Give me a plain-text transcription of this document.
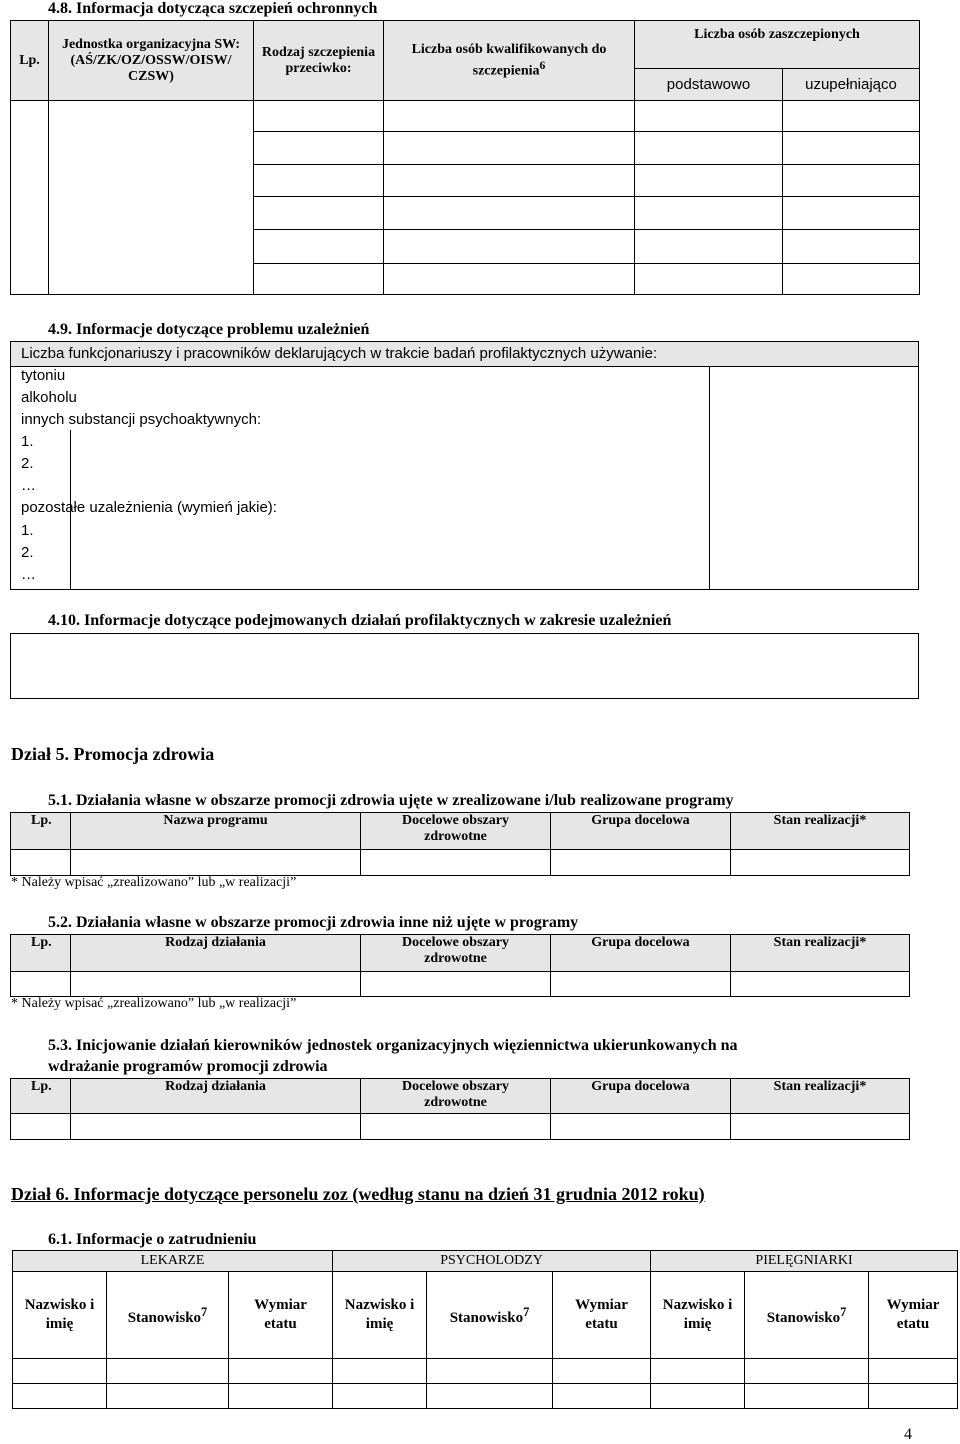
4.8. Informacja dotycząca szczepień ochronnych
Lp.	Jednostka organizacyjna SW: (AŚ/ZK/OZ/OSSW/OISW/ CZSW)	Rodzaj szczepienia przeciwko:	Liczba osób kwalifikowanych do szczepienia$^6$	Liczba osób zaszczepionych	
				podstawowo	uzupełniająco

4.9. Informacje dotyczące problemu uzależnień
Liczba funkcjonariuszy i pracowników deklarujących w trakcie badań profilaktycznych używanie:
tytoniu
alkoholu
innych substancji psychoaktywnych:
1.
2.
…
pozostałe uzależnienia (wymień jakie):
1.
2.
…
4.10. Informacje dotyczące podejmowanych działań profilaktycznych w zakresie uzależnień
Dział 5. Promocja zdrowia
5.1. Działania własne w obszarze promocji zdrowia ujęte w zrealizowane i/lub realizowane programy
Lp.	Nazwa programu	Docelowe obszary zdrowotne	Grupa docelowa	Stan realizacji*

* Należy wpisać „zrealizowano” lub „w realizacji”
5.2. Działania własne w obszarze promocji zdrowia inne niż ujęte w programy
Lp.	Rodzaj działania	Docelowe obszary zdrowotne	Grupa docelowa	Stan realizacji*

* Należy wpisać „zrealizowano” lub „w realizacji”
5.3. Inicjowanie działań kierowników jednostek organizacyjnych więziennictwa ukierunkowanych na
wdrażanie programów promocji zdrowia
Lp.	Rodzaj działania	Docelowe obszary zdrowotne	Grupa docelowa	Stan realizacji*

Dział 6. Informacje dotyczące personelu zoz (według stanu na dzień 31 grudnia 2012 roku)
6.1. Informacje o zatrudnieniu
LEKARZE			PSYCHOLODZY			PIELĘGNIARKI		
Nazwisko i imię	Stanowisko$^7$	Wymiar etatu	Nazwisko i imię	Stanowisko$^7$	Wymiar etatu	Nazwisko i imię	Stanowisko$^7$	Wymiar etatu

4
